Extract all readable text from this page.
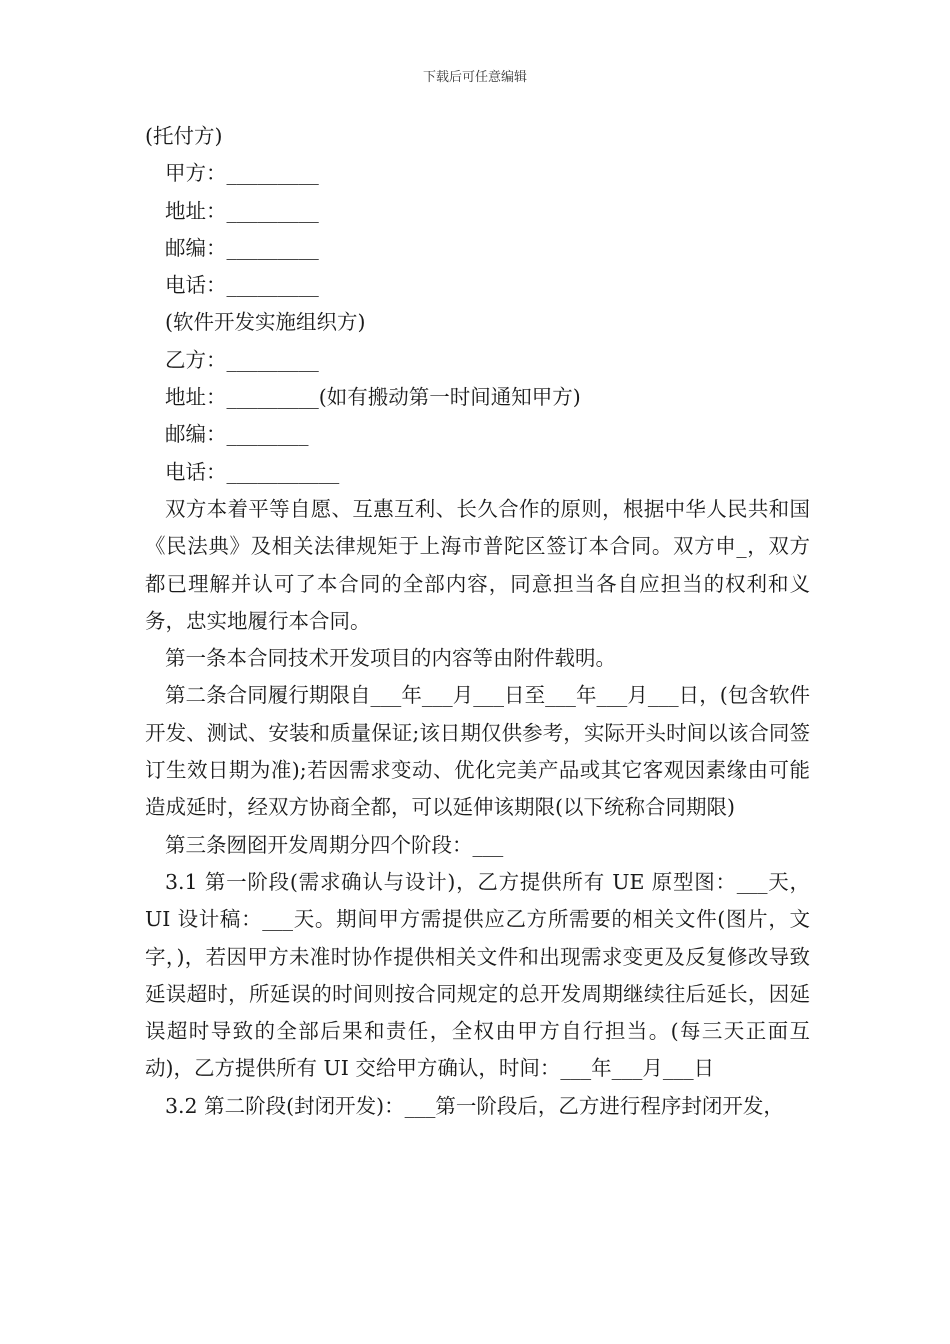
下载后可任意编辑

(托付方)

甲方：_________

地址：_________

邮编：_________

电话：_________

(软件开发实施组织方)

乙方：_________

地址：_________(如有搬动第一时间通知甲方)

邮编：________

电话：___________

双方本着平等自愿、互惠互利、长久合作的原则，根据中华人民共和国《民法典》及相关法律规矩于上海市普陀区签订本合同。双方申_，双方都已理解并认可了本合同的全部内容，同意担当各自应担当的权利和义务，忠实地履行本合同。

第一条本合同技术开发项目的内容等由附件载明。

第二条合同履行期限自___年___月___日至___年___月___日，(包含软件开发、测试、安装和质量保证;该日期仅供参考，实际开头时间以该合同签订生效日期为准);若因需求变动、优化完美产品或其它客观因素缘由可能造成延时，经双方协商全都，可以延伸该期限(以下统称合同期限)

第三条囫囵开发周期分四个阶段：___

3.1 第一阶段(需求确认与设计)，乙方提供所有 UE 原型图：___天，UI 设计稿：___天。期间甲方需提供应乙方所需要的相关文件(图片，文字，)，若因甲方未准时协作提供相关文件和出现需求变更及反复修改导致延误超时，所延误的时间则按合同规定的总开发周期继续往后延长，因延误超时导致的全部后果和责任，全权由甲方自行担当。(每三天正面互动)，乙方提供所有 UI 交给甲方确认，时间：___年___月___日

3.2 第二阶段(封闭开发)：___第一阶段后，乙方进行程序封闭开发，
